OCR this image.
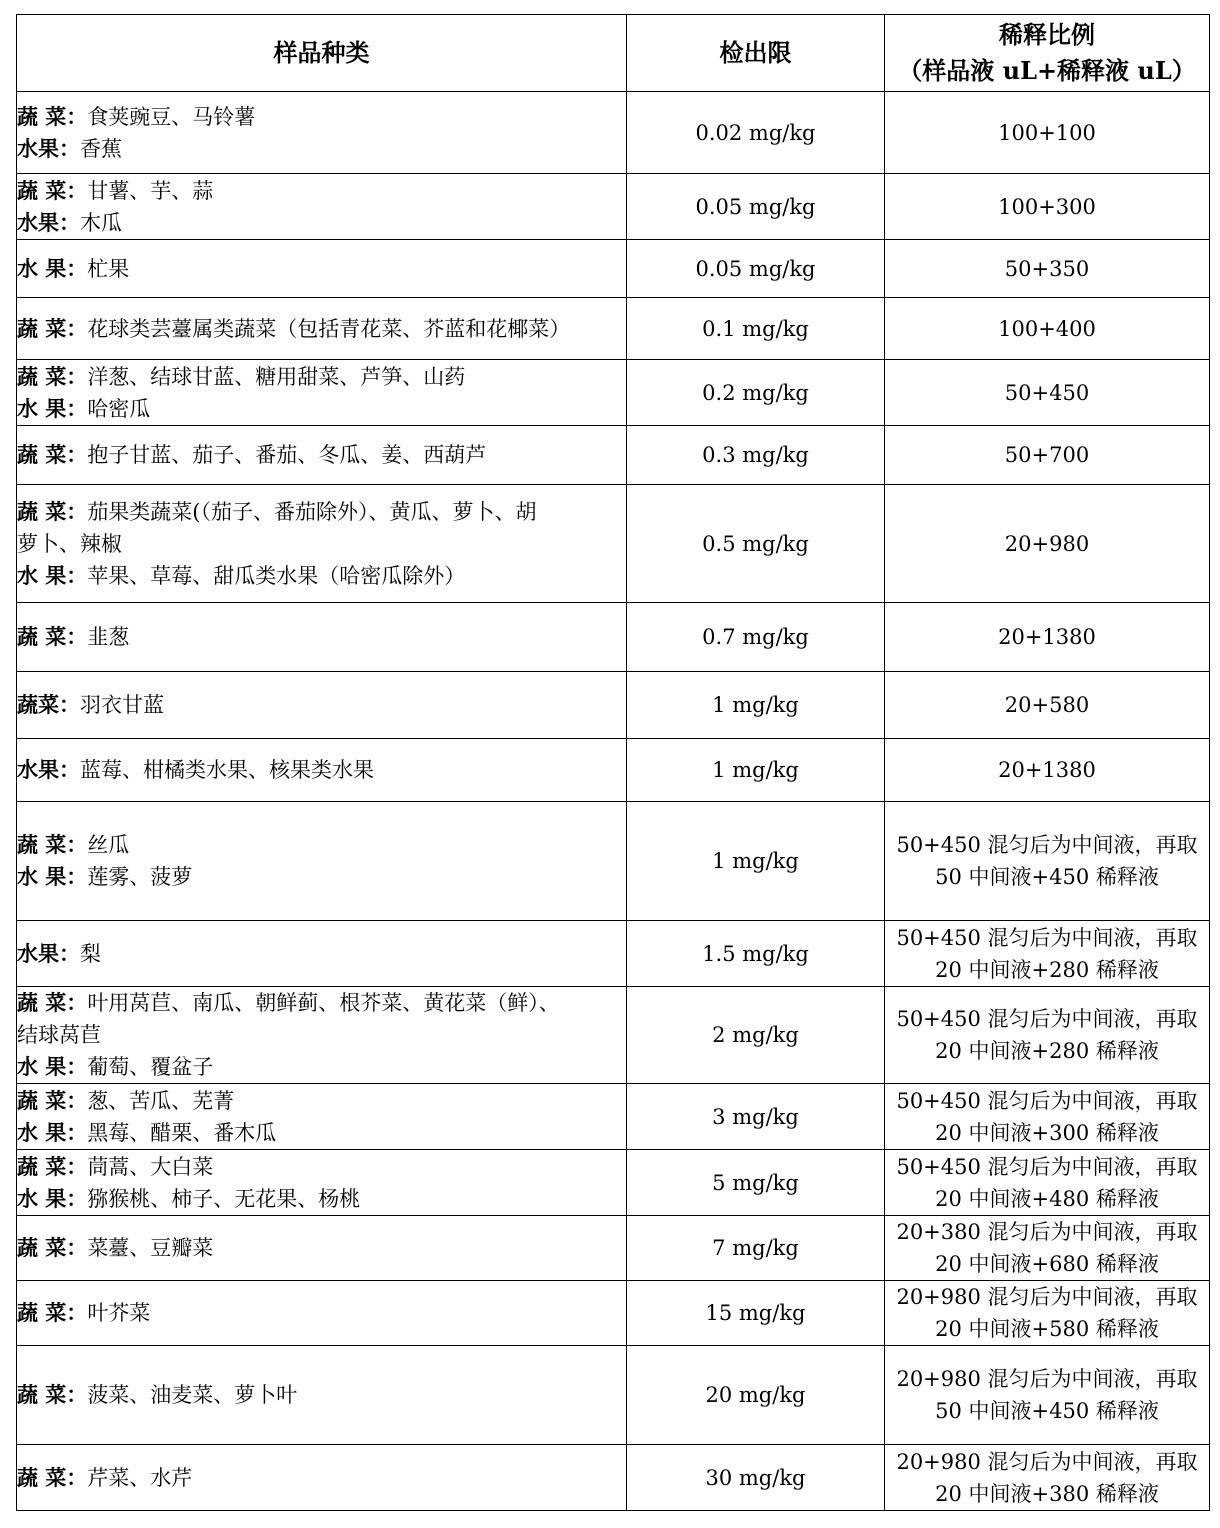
样品种类	检出限	稀释比例
（样品液 uL+稀释液 uL）

蔬 菜：食荚豌豆、马铃薯
水果：香蕉	0.02 mg/kg	100+100

蔬 菜：甘薯、芋、蒜
水果：木瓜	0.05 mg/kg	100+300

水 果：杧果	0.05 mg/kg	50+350

蔬 菜：花球类芸薹属类蔬菜（包括青花菜、芥蓝和花椰菜）	0.1 mg/kg	100+400

蔬 菜：洋葱、结球甘蓝、糖用甜菜、芦笋、山药
水 果：哈密瓜	0.2 mg/kg	50+450

蔬 菜：抱子甘蓝、茄子、番茄、冬瓜、姜、西葫芦	0.3 mg/kg	50+700

蔬 菜：茄果类蔬菜(（茄子、番茄除外）、黄瓜、萝卜、胡
萝卜、辣椒
水 果：苹果、草莓、甜瓜类水果（哈密瓜除外）	0.5 mg/kg	20+980

蔬 菜：韭葱	0.7 mg/kg	20+1380

蔬菜：羽衣甘蓝	1 mg/kg	20+580

水果：蓝莓、柑橘类水果、核果类水果	1 mg/kg	20+1380

蔬 菜：丝瓜
水 果：莲雾、菠萝	1 mg/kg	50+450 混匀后为中间液，再取
50 中间液+450 稀释液

水果：梨	1.5 mg/kg	50+450 混匀后为中间液，再取
20 中间液+280 稀释液

蔬 菜：叶用莴苣、南瓜、朝鲜蓟、根芥菜、黄花菜（鲜）、
结球莴苣
水 果：葡萄、覆盆子	2 mg/kg	50+450 混匀后为中间液，再取
20 中间液+280 稀释液

蔬 菜：葱、苦瓜、芜菁
水 果：黑莓、醋栗、番木瓜	3 mg/kg	50+450 混匀后为中间液，再取
20 中间液+300 稀释液

蔬 菜：茼蒿、大白菜
水 果：猕猴桃、柿子、无花果、杨桃	5 mg/kg	50+450 混匀后为中间液，再取
20 中间液+480 稀释液

蔬 菜：菜薹、豆瓣菜	7 mg/kg	20+380 混匀后为中间液，再取
20 中间液+680 稀释液

蔬 菜：叶芥菜	15 mg/kg	20+980 混匀后为中间液，再取
20 中间液+580 稀释液

蔬 菜：菠菜、油麦菜、萝卜叶	20 mg/kg	20+980 混匀后为中间液，再取
50 中间液+450 稀释液

蔬 菜：芹菜、水芹	30 mg/kg	20+980 混匀后为中间液，再取
20 中间液+380 稀释液
